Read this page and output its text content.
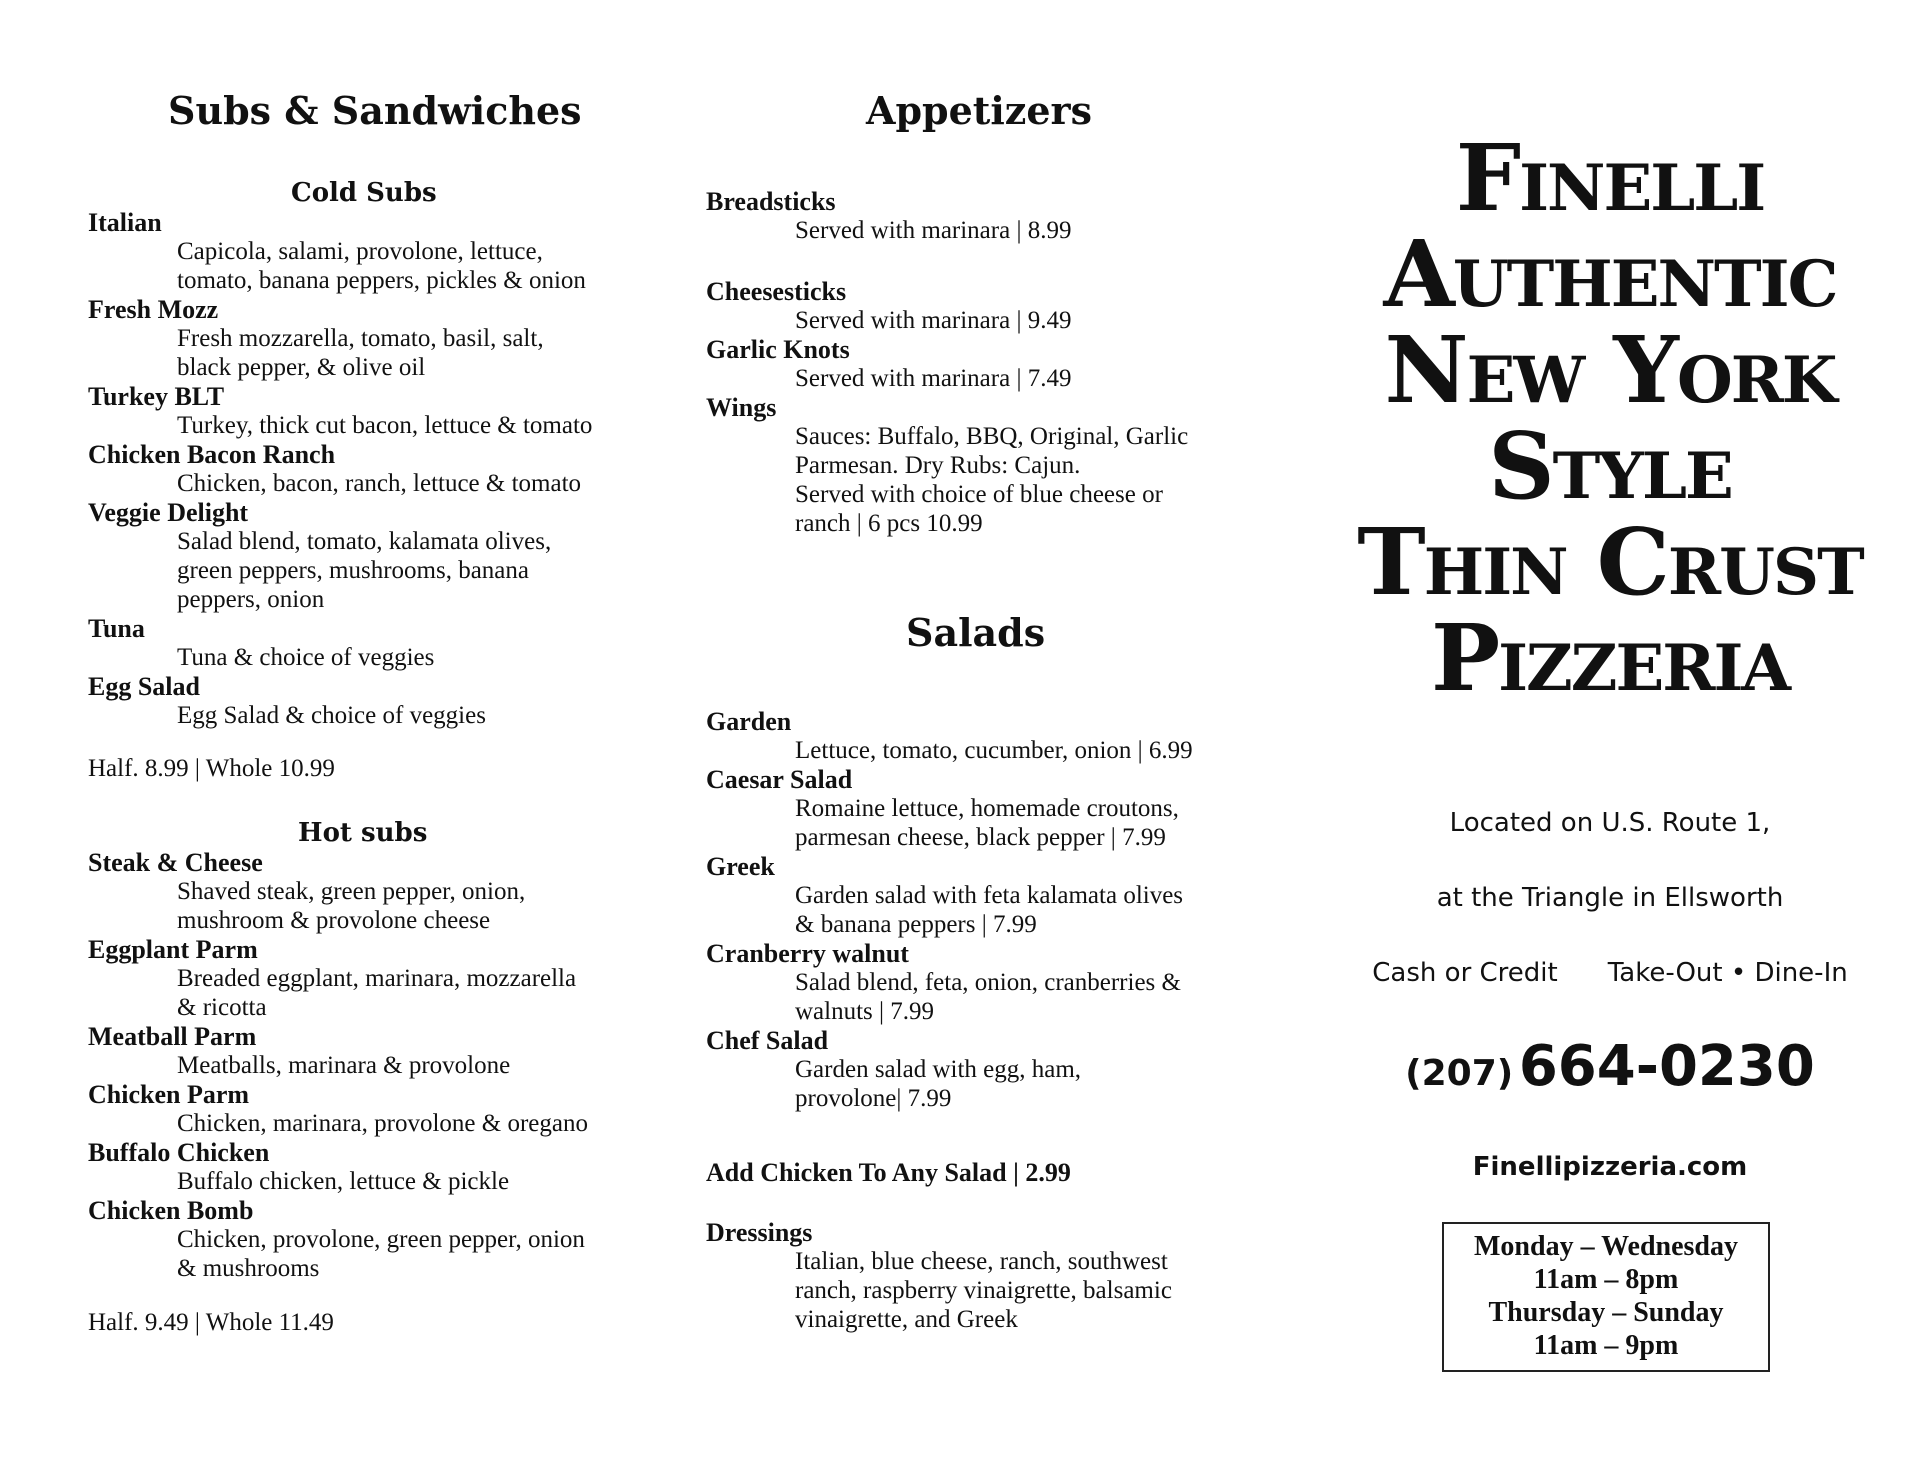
Subs & Sandwiches
Cold Subs
Italian
Capicola, salami, provolone, lettuce,
tomato, banana peppers, pickles & onion
Fresh Mozz
Fresh mozzarella, tomato, basil, salt,
black pepper, & olive oil
Turkey BLT
Turkey, thick cut bacon, lettuce & tomato
Chicken Bacon Ranch
Chicken, bacon, ranch, lettuce & tomato
Veggie Delight
Salad blend, tomato, kalamata olives,
green peppers, mushrooms, banana
peppers, onion
Tuna
Tuna & choice of veggies
Egg Salad
Egg Salad & choice of veggies
Half. 8.99 | Whole 10.99
Hot subs
Steak & Cheese
Shaved steak, green pepper, onion,
mushroom & provolone cheese
Eggplant Parm
Breaded eggplant, marinara, mozzarella
& ricotta
Meatball Parm
Meatballs, marinara & provolone
Chicken Parm
Chicken, marinara, provolone & oregano
Buffalo Chicken
Buffalo chicken, lettuce & pickle
Chicken Bomb
Chicken, provolone, green pepper, onion
& mushrooms
Half. 9.49 | Whole 11.49
Appetizers
Breadsticks
Served with marinara | 8.99
Cheesesticks
Served with marinara | 9.49
Garlic Knots
Served with marinara | 7.49
Wings
Sauces: Buffalo, BBQ, Original, Garlic
Parmesan. Dry Rubs: Cajun.
Served with choice of blue cheese or
ranch | 6 pcs 10.99
Salads
Garden
Lettuce, tomato, cucumber, onion | 6.99
Caesar Salad
Romaine lettuce, homemade croutons,
parmesan cheese, black pepper | 7.99
Greek
Garden salad with feta kalamata olives
& banana peppers | 7.99
Cranberry walnut
Salad blend, feta, onion, cranberries &
walnuts | 7.99
Chef Salad
Garden salad with egg, ham,
provolone| 7.99
Add Chicken To Any Salad | 2.99
Dressings
Italian, blue cheese, ranch, southwest
ranch, raspberry vinaigrette, balsamic
vinaigrette, and Greek
Finelli
Authentic
New York
Style
Thin Crust
Pizzeria
Located on U.S. Route 1,
at the Triangle in Ellsworth
Cash or Credit Take-Out • Dine-In
(207) 664-0230
Finellipizzeria.com
Monday – Wednesday
11am – 8pm
Thursday – Sunday
11am – 9pm
